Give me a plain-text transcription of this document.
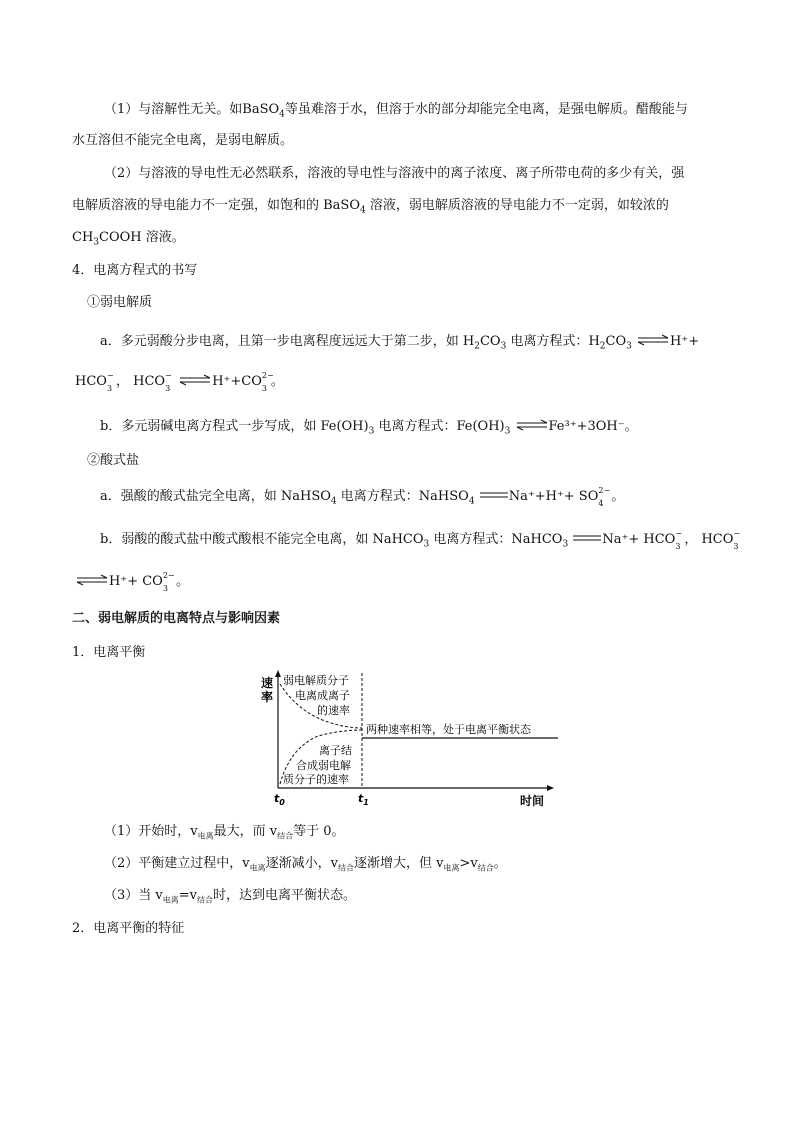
（1）与溶解性无关。如BaSO$_4$等虽难溶于水，但溶于水的部分却能完全电离，是强电解质。醋酸能与
水互溶但不能完全电离，是弱电解质。
（2）与溶液的导电性无必然联系，溶液的导电性与溶液中的离子浓度、离子所带电荷的多少有关，强
电解质溶液的导电能力不一定强，如饱和的 BaSO$_4$ 溶液，弱电解质溶液的导电能力不一定弱，如较浓的
$CH_3COOH$ 溶液。
4．电离方程式的书写
①弱电解质
a．多元弱酸分步电离，且第一步电离程度远远大于第二步，如 $H_2CO_3$ 电离方程式：$H_2CO_3$ ⇌H⁺+
HCO −
3 ， HCO −
3
⇌H⁺+CO 2−
3 。
b．多元弱碱电离方程式一步写成，如 $Fe(OH)_3$ 电离方程式：$Fe(OH)_3$ ⇌Fe³⁺+3OH⁻。
②酸式盐
a．强酸的酸式盐完全电离，如 NaHSO$_4$ 电离方程式：NaHSO$_4$	Na⁺+H⁺+ SO 2−
4 。
b．弱酸的酸式盐中酸式酸根不能完全电离，如 NaHCO$_3$ 电离方程式：NaHCO$_3$	Na⁺+ HCO −
3 ， HCO −
3
⇌H⁺+ CO 2−
3 。
二、弱电解质的电离特点与影响因素
1．电离平衡
速
率
弱电解质分子
电离成离子
的速率
两种速率相等，处于电离平衡状态
离子结
合成弱电解
质分子的速率
$t_0$	$t_1$	时间
（1）开始时，$v_{电离}$最大，而 $v_{结合}$等于 0。
（2）平衡建立过程中，$v_{电离}$逐渐减小，$v_{结合}$逐渐增大，但 $v_{电离}>v_{结合}$。
（3）当 $v_{电离}=v_{结合}$时，达到电离平衡状态。
2．电离平衡的特征
